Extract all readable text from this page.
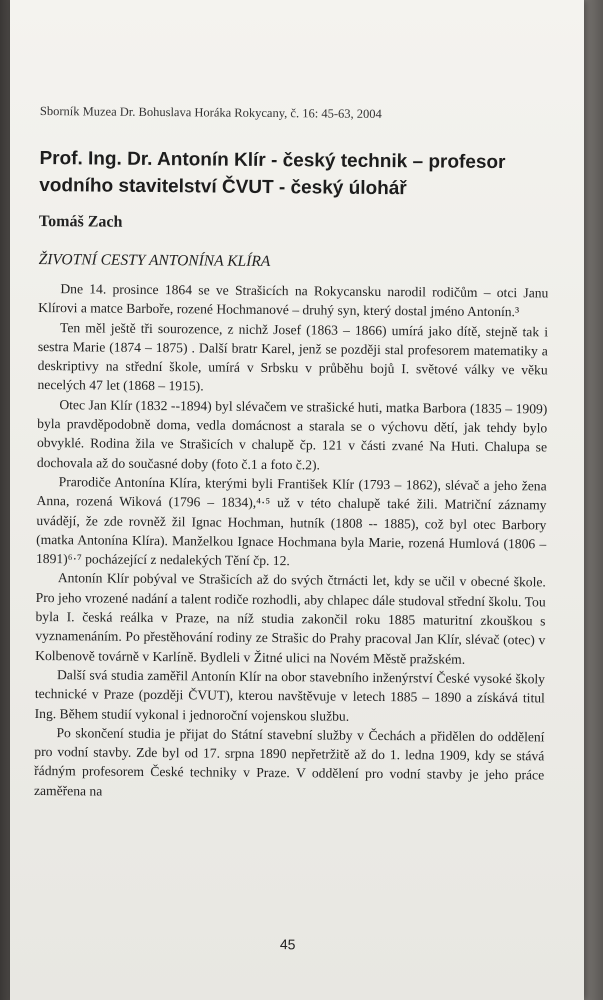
Sborník Muzea Dr. Bohuslava Horáka Rokycany, č. 16: 45-63, 2004
Prof. Ing. Dr. Antonín Klír - český technik – profesor vodního stavitelství ČVUT - český úlohář
Tomáš Zach
ŽIVOTNÍ CESTY ANTONÍNA KLÍRA

Dne 14. prosince 1864 se ve Strašicích na Rokycansku narodil rodičům – otci Janu Klírovi a matce Barboře, rozené Hochmanové – druhý syn, který dostal jméno Antonín.³

Ten měl ještě tři sourozence, z nichž Josef (1863 – 1866) umírá jako dítě, stejně tak i sestra Marie (1874 – 1875) . Další bratr Karel, jenž se později stal profesorem matematiky a deskriptivy na střední škole, umírá v Srbsku v průběhu bojů I. světové války ve věku necelých 47 let (1868 – 1915).

Otec Jan Klír (1832 --1894) byl slévačem ve strašické huti, matka Barbora (1835 – 1909) byla pravděpodobně doma, vedla domácnost a starala se o výchovu dětí, jak tehdy bylo obvyklé. Rodina žila ve Strašicích v chalupě čp. 121 v části zvané Na Huti. Chalupa se dochovala až do současné doby (foto č.1 a foto č.2).

Prarodiče Antonína Klíra, kterými byli František Klír (1793 – 1862), slévač a jeho žena Anna, rozená Wiková (1796 – 1834),⁴·⁵ už v této chalupě také žili. Matriční záznamy uvádějí, že zde rovněž žil Ignac Hochman, hutník (1808 -- 1885), což byl otec Barbory (matka Antonína Klíra). Manželkou Ignace Hochmana byla Marie, rozená Humlová (1806 – 1891)⁶·⁷ pocházející z nedalekých Tění čp. 12.

Antonín Klír pobýval ve Strašicích až do svých čtrnácti let, kdy se učil v obecné škole. Pro jeho vrozené nadání a talent rodiče rozhodli, aby chlapec dále studoval střední školu. Tou byla I. česká reálka v Praze, na níž studia zakončil roku 1885 maturitní zkouškou s vyznamenáním. Po přestěhování rodiny ze Strašic do Prahy pracoval Jan Klír, slévač (otec) v Kolbenově továrně v Karlíně. Bydleli v Žitné ulici na Novém Městě pražském.

Další svá studia zaměřil Antonín Klír na obor stavebního inženýrství České vysoké školy technické v Praze (později ČVUT), kterou navštěvuje v letech 1885 – 1890 a získává titul Ing. Během studií vykonal i jednoroční vojenskou službu.

Po skončení studia je přijat do Státní stavební služby v Čechách a přidělen do oddělení pro vodní stavby. Zde byl od 17. srpna 1890 nepřetržitě až do 1. ledna 1909, kdy se stává řádným profesorem České techniky v Praze. V oddělení pro vodní stavby je jeho práce zaměřena na

45
